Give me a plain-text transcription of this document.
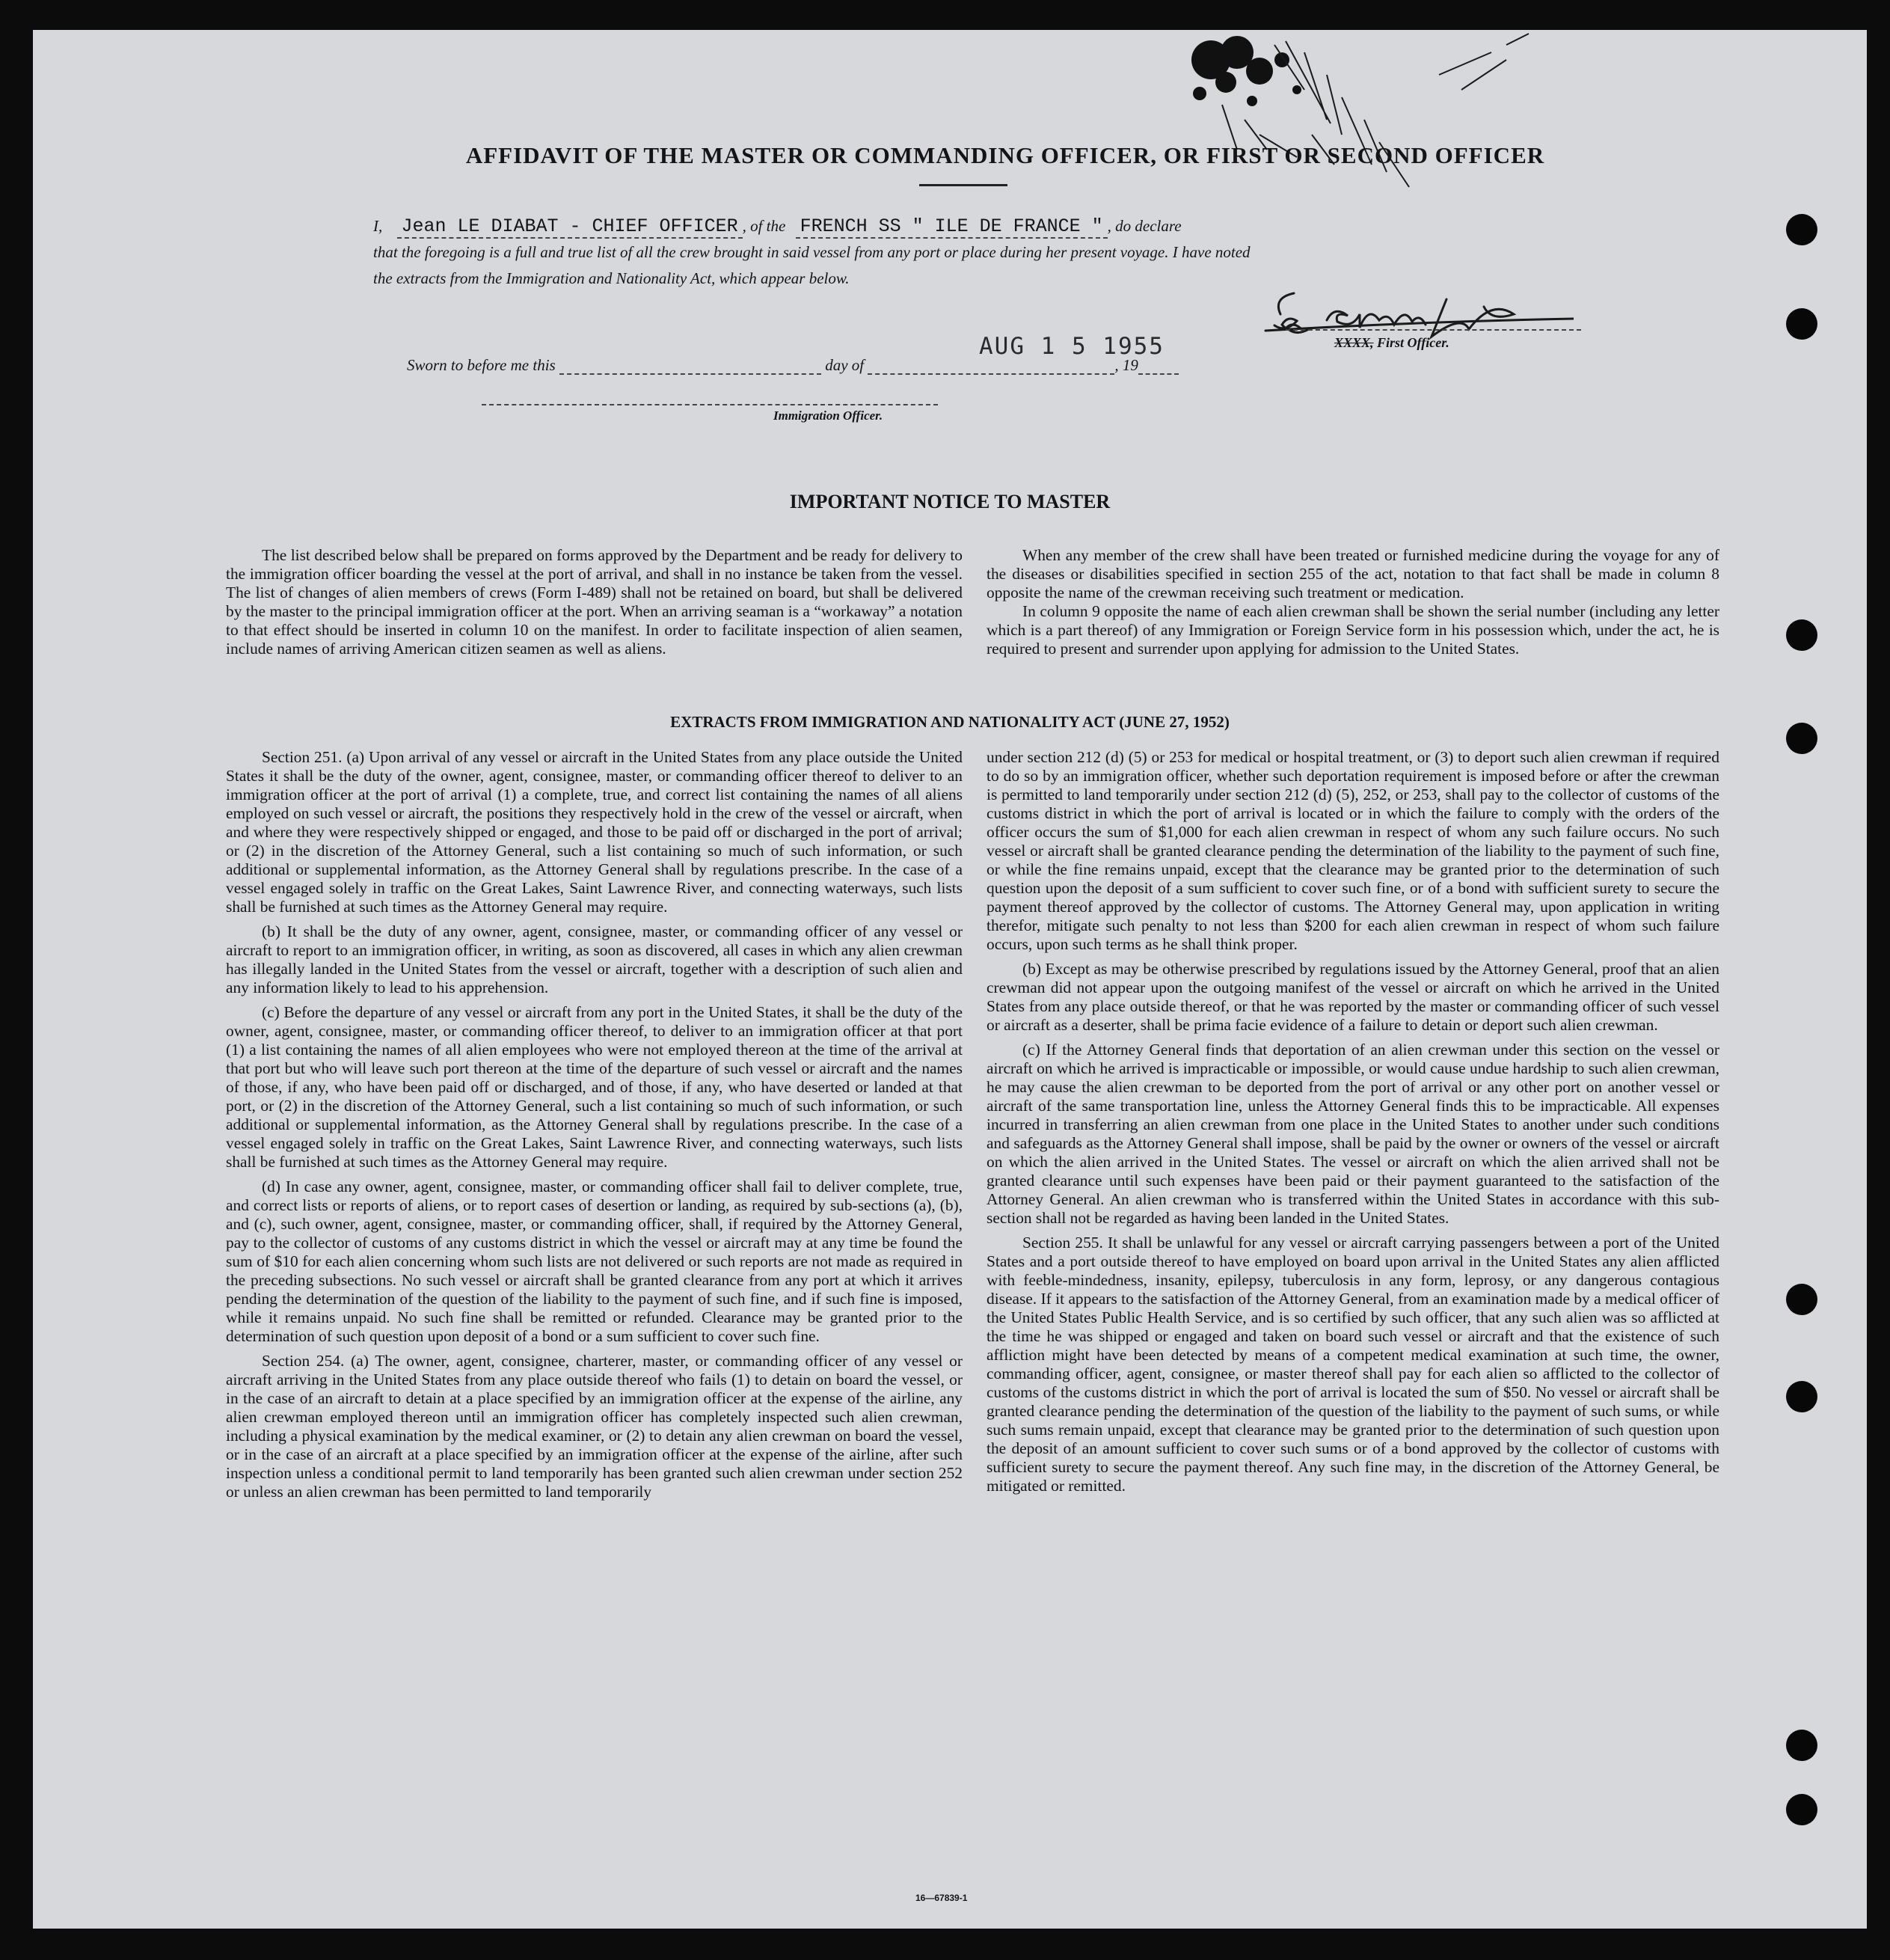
AFFIDAVIT OF THE MASTER OR COMMANDING OFFICER, OR FIRST OR SECOND OFFICER
I, Jean LE DIABAT - CHIEF OFFICER , of the FRENCH SS " ILE DE FRANCE " , do declare
that the foregoing is a full and true list of all the crew brought in said vessel from any port or place during her present voyage. I have noted
the extracts from the Immigration and Nationality Act, which appear below.
XXXX, First Officer.
Sworn to before me this	day of	, 19
AUG 1 5 1955
Immigration Officer.
IMPORTANT NOTICE TO MASTER

The list described below shall be prepared on forms approved by the Department and be ready for delivery to the immigration officer boarding the vessel at the port of arrival, and shall in no instance be taken from the vessel. The list of changes of alien members of crews (Form I-489) shall not be retained on board, but shall be delivered by the master to the principal immigration officer at the port. When an arriving seaman is a “workaway” a notation to that effect should be inserted in column 10 on the manifest. In order to facilitate inspection of alien seamen, include names of arriving American citizen seamen as well as aliens.

When any member of the crew shall have been treated or furnished medicine during the voyage for any of the diseases or disabilities specified in section 255 of the act, notation to that fact shall be made in column 8 opposite the name of the crewman receiving such treatment or medication.

In column 9 opposite the name of each alien crewman shall be shown the serial number (including any letter which is a part thereof) of any Immigration or Foreign Service form in his possession which, under the act, he is required to present and surrender upon applying for admission to the United States.

EXTRACTS FROM IMMIGRATION AND NATIONALITY ACT (JUNE 27, 1952)

Section 251. (a) Upon arrival of any vessel or aircraft in the United States from any place outside the United States it shall be the duty of the owner, agent, consignee, master, or commanding officer thereof to deliver to an immigration officer at the port of arrival (1) a complete, true, and correct list containing the names of all aliens employed on such vessel or aircraft, the positions they respectively hold in the crew of the vessel or aircraft, when and where they were respectively shipped or engaged, and those to be paid off or discharged in the port of arrival; or (2) in the discretion of the Attorney General, such a list containing so much of such information, or such additional or supplemental information, as the Attorney General shall by regulations prescribe. In the case of a vessel engaged solely in traffic on the Great Lakes, Saint Lawrence River, and connecting waterways, such lists shall be furnished at such times as the Attorney General may require.

(b) It shall be the duty of any owner, agent, consignee, master, or commanding officer of any vessel or aircraft to report to an immigration officer, in writing, as soon as discovered, all cases in which any alien crewman has illegally landed in the United States from the vessel or aircraft, together with a description of such alien and any information likely to lead to his apprehension.

(c) Before the departure of any vessel or aircraft from any port in the United States, it shall be the duty of the owner, agent, consignee, master, or commanding officer thereof, to deliver to an immigration officer at that port (1) a list containing the names of all alien employees who were not employed thereon at the time of the arrival at that port but who will leave such port thereon at the time of the departure of such vessel or aircraft and the names of those, if any, who have been paid off or discharged, and of those, if any, who have deserted or landed at that port, or (2) in the discretion of the Attorney General, such a list containing so much of such information, or such additional or supplemental information, as the Attorney General shall by regulations prescribe. In the case of a vessel engaged solely in traffic on the Great Lakes, Saint Lawrence River, and connecting waterways, such lists shall be furnished at such times as the Attorney General may require.

(d) In case any owner, agent, consignee, master, or commanding officer shall fail to deliver complete, true, and correct lists or reports of aliens, or to report cases of desertion or landing, as required by sub-sections (a), (b), and (c), such owner, agent, consignee, master, or commanding officer, shall, if required by the Attorney General, pay to the collector of customs of any customs district in which the vessel or aircraft may at any time be found the sum of $10 for each alien concerning whom such lists are not delivered or such reports are not made as required in the preceding subsections. No such vessel or aircraft shall be granted clearance from any port at which it arrives pending the determination of the question of the liability to the payment of such fine, and if such fine is imposed, while it remains unpaid. No such fine shall be remitted or refunded. Clearance may be granted prior to the determination of such question upon deposit of a bond or a sum sufficient to cover such fine.

Section 254. (a) The owner, agent, consignee, charterer, master, or commanding officer of any vessel or aircraft arriving in the United States from any place outside thereof who fails (1) to detain on board the vessel, or in the case of an aircraft to detain at a place specified by an immigration officer at the expense of the airline, any alien crewman employed thereon until an immigration officer has completely inspected such alien crewman, including a physical examination by the medical examiner, or (2) to detain any alien crewman on board the vessel, or in the case of an aircraft at a place specified by an immigration officer at the expense of the airline, after such inspection unless a conditional permit to land temporarily has been granted such alien crewman under section 252 or unless an alien crewman has been permitted to land temporarily

under section 212 (d) (5) or 253 for medical or hospital treatment, or (3) to deport such alien crewman if required to do so by an immigration officer, whether such deportation requirement is imposed before or after the crewman is permitted to land temporarily under section 212 (d) (5), 252, or 253, shall pay to the collector of customs of the customs district in which the port of arrival is located or in which the failure to comply with the orders of the officer occurs the sum of $1,000 for each alien crewman in respect of whom any such failure occurs. No such vessel or aircraft shall be granted clearance pending the determination of the liability to the payment of such fine, or while the fine remains unpaid, except that the clearance may be granted prior to the determination of such question upon the deposit of a sum sufficient to cover such fine, or of a bond with sufficient surety to secure the payment thereof approved by the collector of customs. The Attorney General may, upon application in writing therefor, mitigate such penalty to not less than $200 for each alien crewman in respect of whom such failure occurs, upon such terms as he shall think proper.

(b) Except as may be otherwise prescribed by regulations issued by the Attorney General, proof that an alien crewman did not appear upon the outgoing manifest of the vessel or aircraft on which he arrived in the United States from any place outside thereof, or that he was reported by the master or commanding officer of such vessel or aircraft as a deserter, shall be prima facie evidence of a failure to detain or deport such alien crewman.

(c) If the Attorney General finds that deportation of an alien crewman under this section on the vessel or aircraft on which he arrived is impracticable or impossible, or would cause undue hardship to such alien crewman, he may cause the alien crewman to be deported from the port of arrival or any other port on another vessel or aircraft of the same transportation line, unless the Attorney General finds this to be impracticable. All expenses incurred in transferring an alien crewman from one place in the United States to another under such conditions and safeguards as the Attorney General shall impose, shall be paid by the owner or owners of the vessel or aircraft on which the alien arrived in the United States. The vessel or aircraft on which the alien arrived shall not be granted clearance until such expenses have been paid or their payment guaranteed to the satisfaction of the Attorney General. An alien crewman who is transferred within the United States in accordance with this sub-section shall not be regarded as having been landed in the United States.

Section 255. It shall be unlawful for any vessel or aircraft carrying passengers between a port of the United States and a port outside thereof to have employed on board upon arrival in the United States any alien afflicted with feeble-mindedness, insanity, epilepsy, tuberculosis in any form, leprosy, or any dangerous contagious disease. If it appears to the satisfaction of the Attorney General, from an examination made by a medical officer of the United States Public Health Service, and is so certified by such officer, that any such alien was so afflicted at the time he was shipped or engaged and taken on board such vessel or aircraft and that the existence of such affliction might have been detected by means of a competent medical examination at such time, the owner, commanding officer, agent, consignee, or master thereof shall pay for each alien so afflicted to the collector of customs of the customs district in which the port of arrival is located the sum of $50. No vessel or aircraft shall be granted clearance pending the determination of the question of the liability to the payment of such sums, or while such sums remain unpaid, except that clearance may be granted prior to the determination of such question upon the deposit of an amount sufficient to cover such sums or of a bond approved by the collector of customs with sufficient surety to secure the payment thereof. Any such fine may, in the discretion of the Attorney General, be mitigated or remitted.

16—67839-1
